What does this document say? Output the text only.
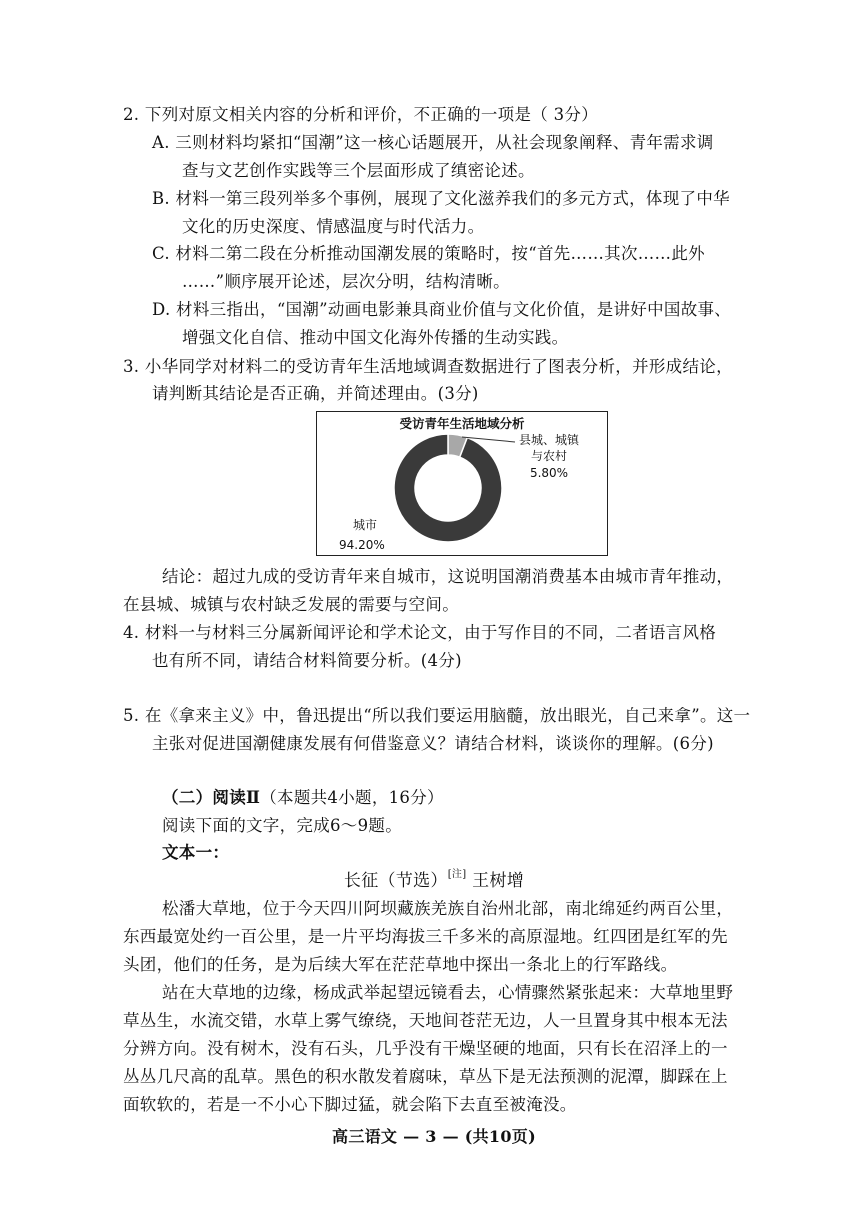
2. 下列对原文相关内容的分析和评价，不正确的一项是（ 3分）
A. 三则材料均紧扣“国潮”这一核心话题展开，从社会现象阐释、青年需求调
查与文艺创作实践等三个层面形成了缜密论述。
B. 材料一第三段列举多个事例，展现了文化滋养我们的多元方式，体现了中华
文化的历史深度、情感温度与时代活力。
C. 材料二第二段在分析推动国潮发展的策略时，按“首先……其次……此外
……”顺序展开论述，层次分明，结构清晰。
D. 材料三指出，“国潮”动画电影兼具商业价值与文化价值，是讲好中国故事、
增强文化自信、推动中国文化海外传播的生动实践。
3. 小华同学对材料二的受访青年生活地域调查数据进行了图表分析，并形成结论，
请判断其结论是否正确，并简述理由。(3分)
受访青年生活地域分析
县城、城镇
与农村
5.80%
城市
94.20%
结论：超过九成的受访青年来自城市，这说明国潮消费基本由城市青年推动，
在县城、城镇与农村缺乏发展的需要与空间。
4. 材料一与材料三分属新闻评论和学术论文，由于写作目的不同，二者语言风格
也有所不同，请结合材料简要分析。(4分)
5. 在《拿来主义》中，鲁迅提出“所以我们要运用脑髓，放出眼光，自己来拿”。这一
主张对促进国潮健康发展有何借鉴意义？请结合材料，谈谈你的理解。(6分)
（二）阅读Ⅱ（本题共4小题，16分）
阅读下面的文字，完成6～9题。
文本一：
长征（节选）[注] 王树增
松潘大草地，位于今天四川阿坝藏族羌族自治州北部，南北绵延约两百公里，
东西最宽处约一百公里，是一片平均海拔三千多米的高原湿地。红四团是红军的先
头团，他们的任务，是为后续大军在茫茫草地中探出一条北上的行军路线。
站在大草地的边缘，杨成武举起望远镜看去，心情骤然紧张起来：大草地里野
草丛生，水流交错，水草上雾气缭绕，天地间苍茫无边，人一旦置身其中根本无法
分辨方向。没有树木，没有石头，几乎没有干燥坚硬的地面，只有长在沼泽上的一
丛丛几尺高的乱草。黑色的积水散发着腐味，草丛下是无法预测的泥潭，脚踩在上
面软软的，若是一不小心下脚过猛，就会陷下去直至被淹没。
高三语文 — 3 — (共10页)
